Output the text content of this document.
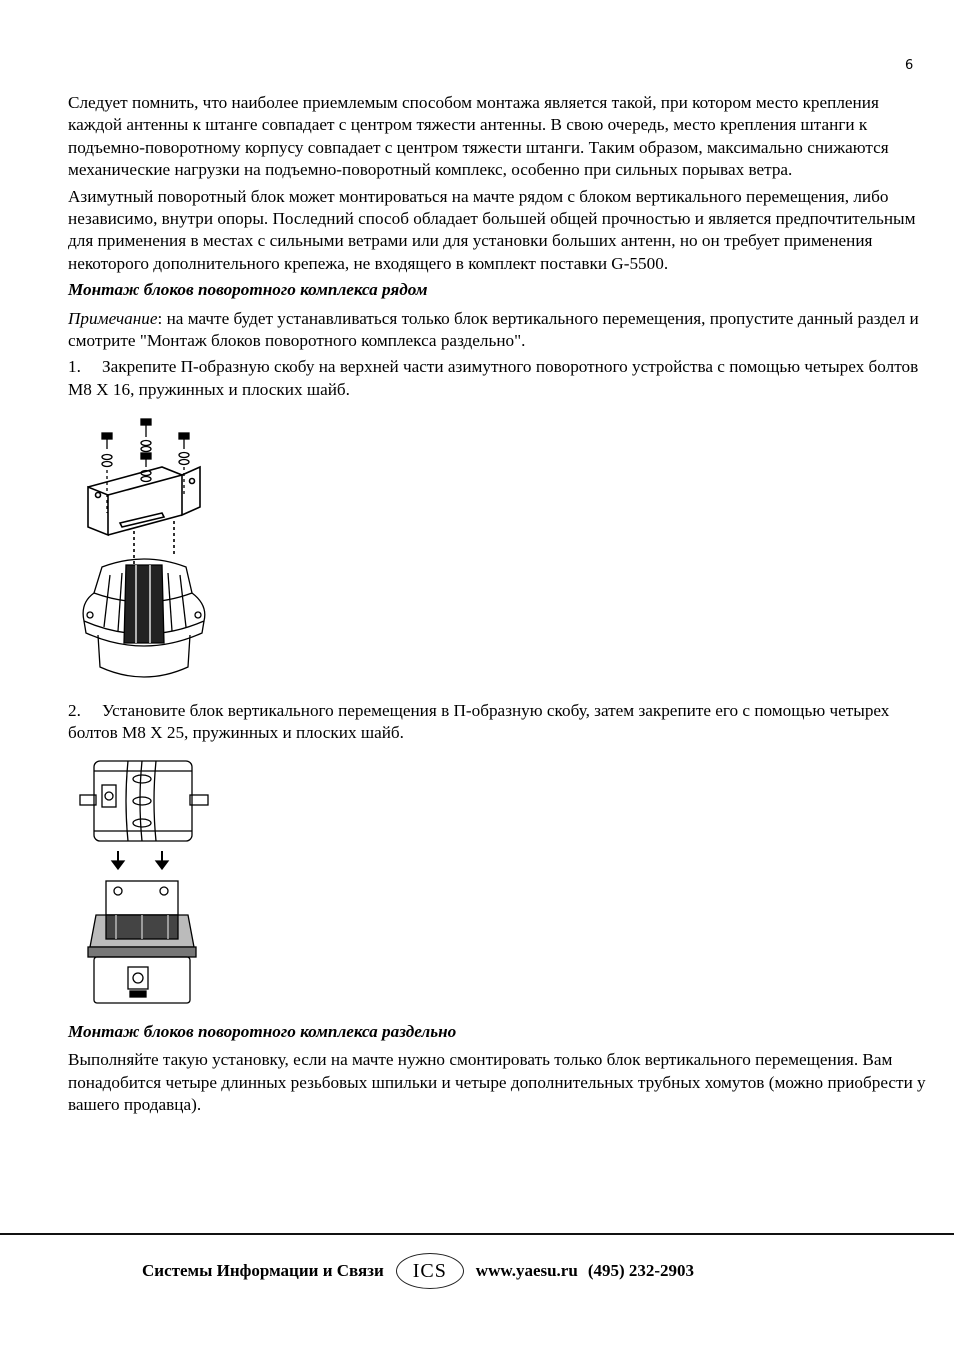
6

Следует помнить, что наиболее приемлемым способом монтажа является такой, при котором место крепления каждой антенны к штанге совпадает с центром тяжести антенны. В свою очередь, место крепления штанги к подъемно-поворотному корпусу совпадает с центром тяжести штанги. Таким образом, максимально снижаются механические нагрузки на подъемно-поворотный комплекс, особенно при сильных порывах ветра.

Азимутный поворотный блок может монтироваться на мачте рядом с блоком вертикального перемещения, либо независимо, внутри опоры. Последний способ обладает большей общей прочностью и является предпочтительным для применения в местах с сильными ветрами или для установки больших антенн, но он требует применения некоторого дополнительного крепежа, не входящего в комплект поставки G-5500.

Монтаж блоков поворотного комплекса рядом

Примечание: на мачте будет устанавливаться только блок вертикального перемещения, пропустите данный раздел и смотрите "Монтаж блоков поворотного комплекса раздельно".

1. Закрепите П-образную скобу на верхней части азимутного поворотного устройства с помощью четырех болтов М8 Х 16, пружинных и плоских шайб.

2. Установите блок вертикального перемещения в П-образную скобу, затем закрепите его с помощью четырех болтов М8 Х 25, пружинных и плоских шайб.

Монтаж блоков поворотного комплекса раздельно

Выполняйте такую установку, если на мачте нужно смонтировать только блок вертикального перемещения. Вам понадобится четыре длинных резьбовых шпильки и четыре дополнительных трубных хомутов (можно приобрести у вашего продавца).

Системы Информации и Связи	ICS	www.yaesu.ru (495) 232-2903
